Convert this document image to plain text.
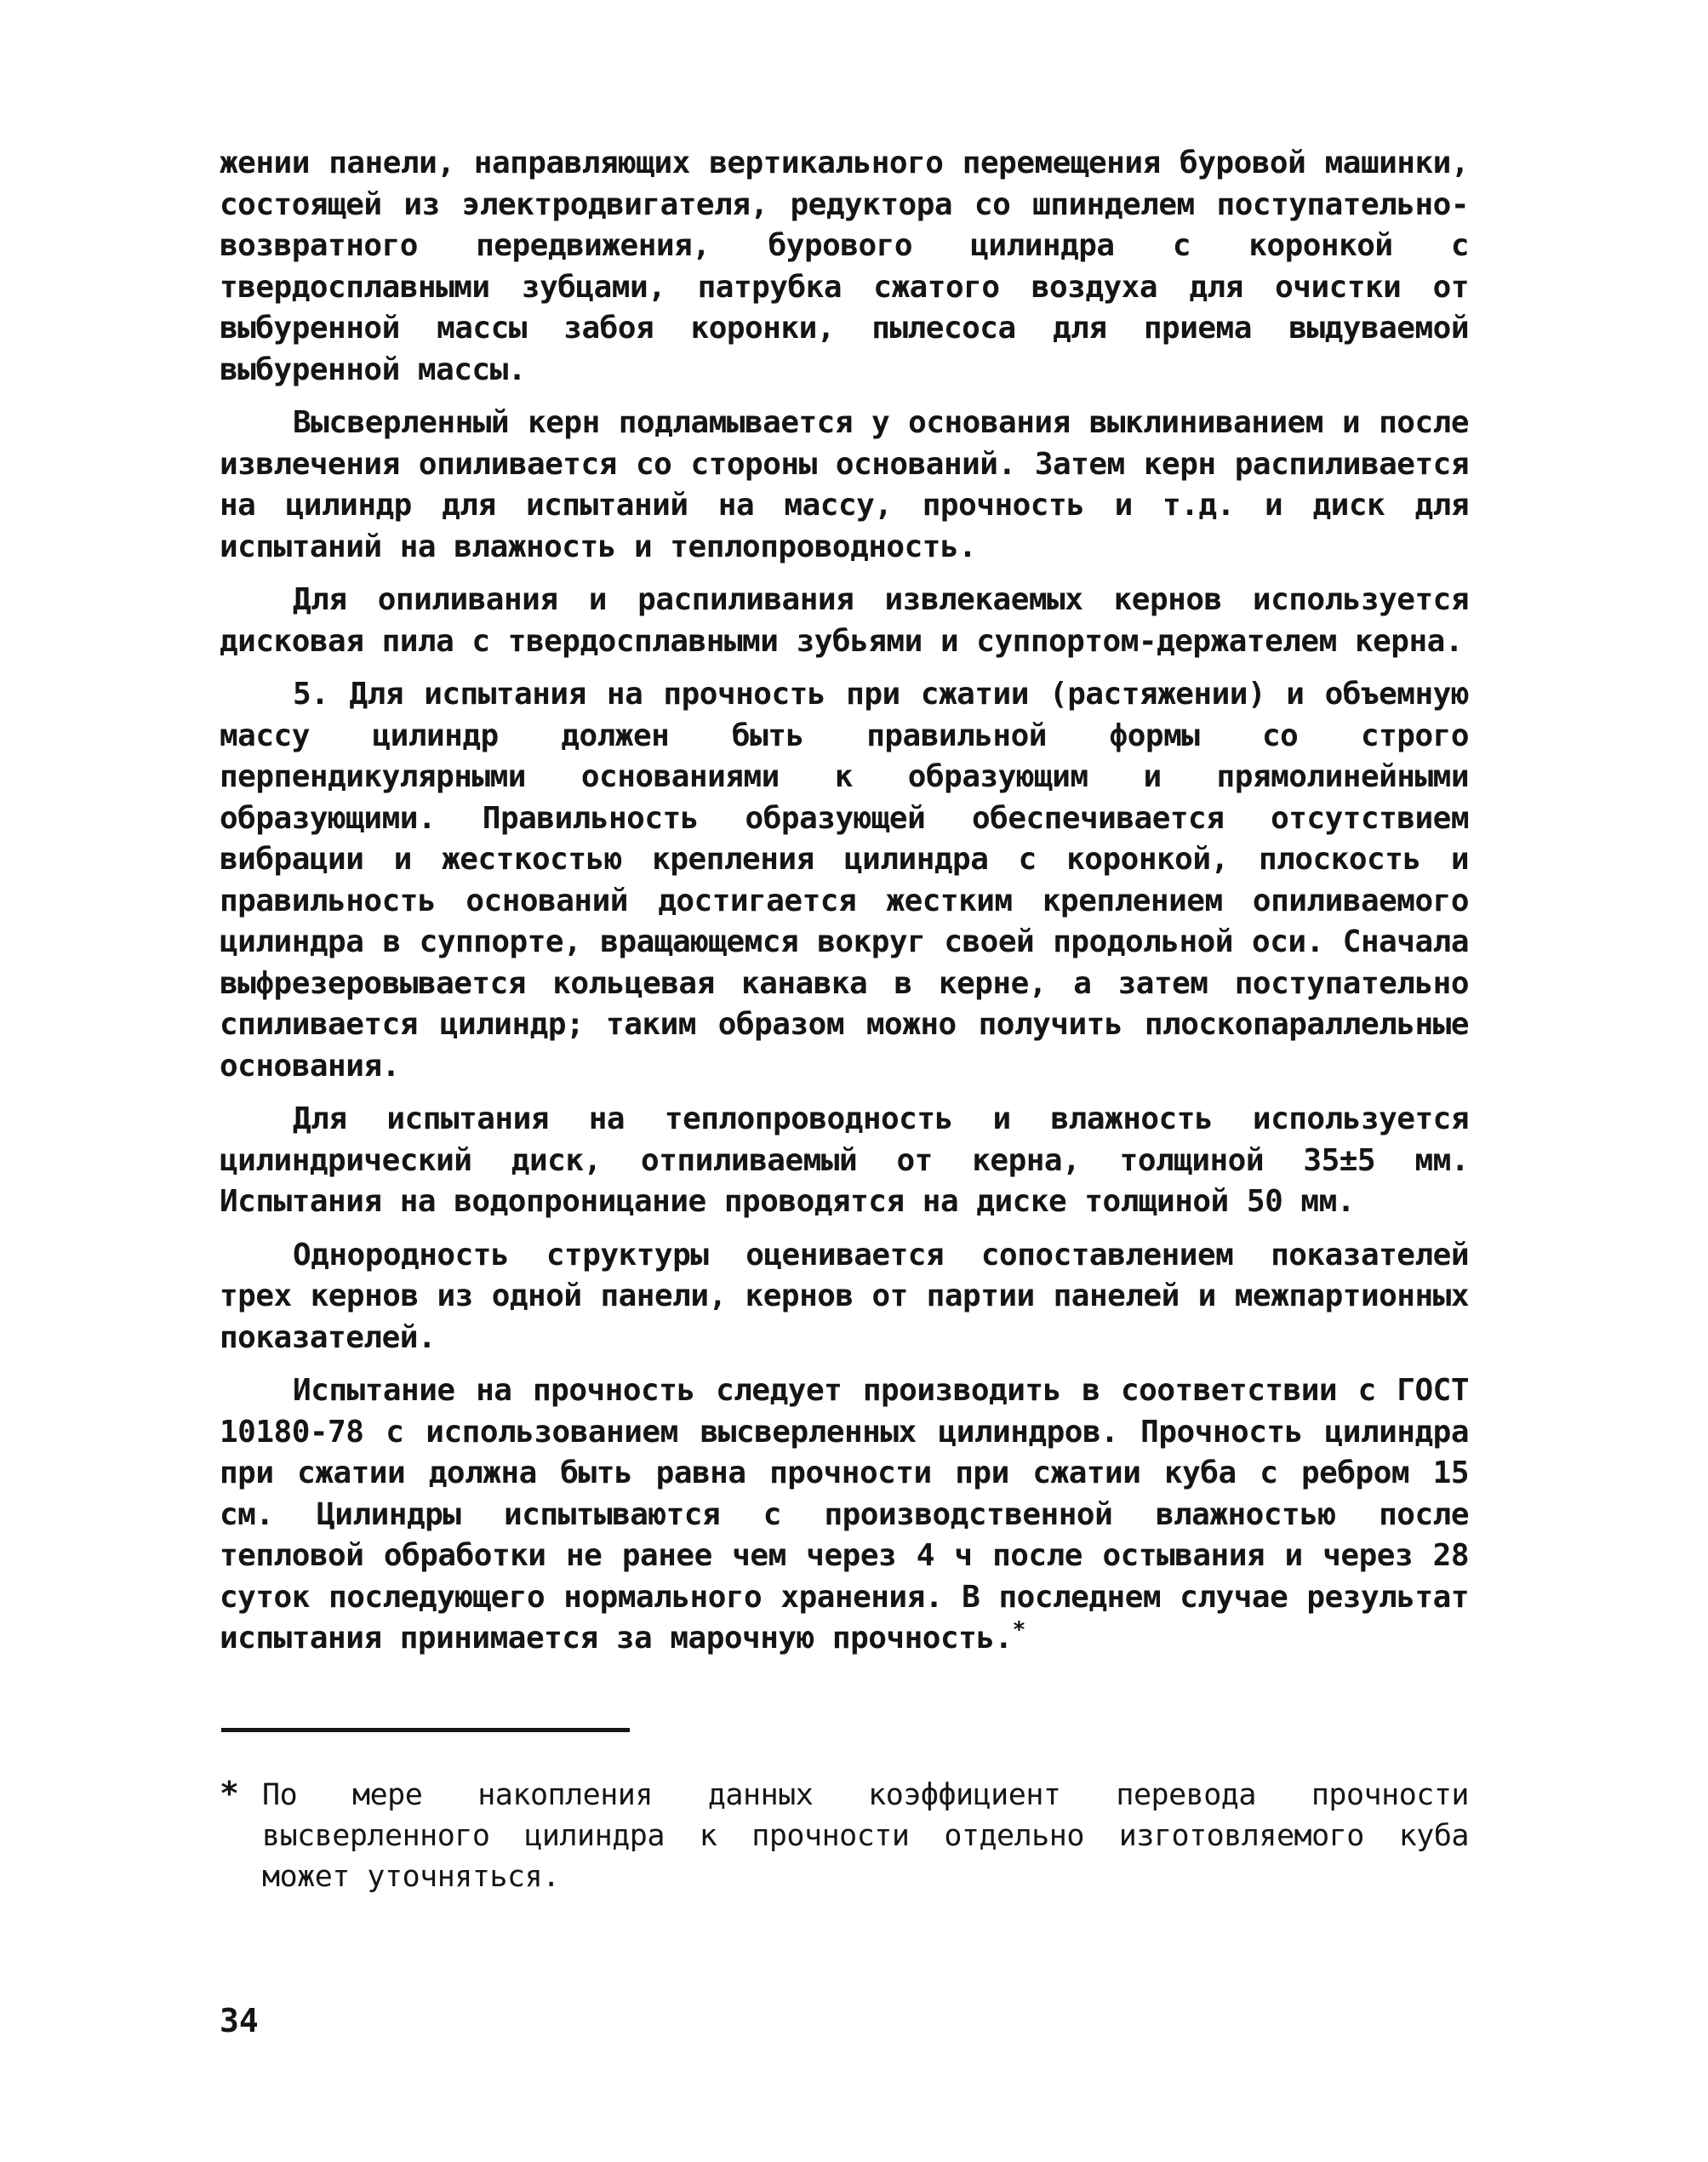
жении панели, направляющих вертикального перемещения буровой машинки, состоящей из электродвигателя, редуктора со шпинделем поступательно-возвратного передвижения, бурового цилиндра с коронкой с твердосплавными зубцами, патрубка сжатого воздуха для очистки от выбуренной массы забоя коронки, пылесоса для приема выдуваемой выбуренной массы.

Высверленный керн подламывается у основания выклиниванием и после извлечения опиливается со стороны оснований. Затем керн распиливается на цилиндр для испытаний на массу, прочность и т.д. и диск для испытаний на влажность и теплопроводность.

Для опиливания и распиливания извлекаемых кернов используется дисковая пила с твердосплавными зубьями и суппортом-держателем керна.

5. Для испытания на прочность при сжатии (растяжении) и объемную массу цилиндр должен быть правильной формы со строго перпендикулярными основаниями к образующим и прямолинейными образующими. Правильность образующей обеспечивается отсутствием вибрации и жесткостью крепления цилиндра с коронкой, плоскость и правильность оснований достигается жестким креплением опиливаемого цилиндра в суппорте, вращающемся вокруг своей продольной оси. Сначала выфрезеровывается кольцевая канавка в керне, а затем поступательно спиливается цилиндр; таким образом можно получить плоскопараллельные основания.

Для испытания на теплопроводность и влажность используется цилиндрический диск, отпиливаемый от керна, толщиной 35±5 мм. Испытания на водопроницание проводятся на диске толщиной 50 мм.

Однородность структуры оценивается сопоставлением показателей трех кернов из одной панели, кернов от партии панелей и межпартионных показателей.

Испытание на прочность следует производить в соответствии с ГОСТ 10180-78 с использованием высверленных цилиндров. Прочность цилиндра при сжатии должна быть равна прочности при сжатии куба с ребром 15 см. Цилиндры испытываются с производственной влажностью после тепловой обработки не ранее чем через 4 ч после остывания и через 28 суток последующего нормального хранения. В последнем случае результат испытания принимается за марочную прочность.*

* По мере накопления данных коэффициент перевода прочности высверленного цилиндра к прочности отдельно изготовляемого куба может уточняться.

34
